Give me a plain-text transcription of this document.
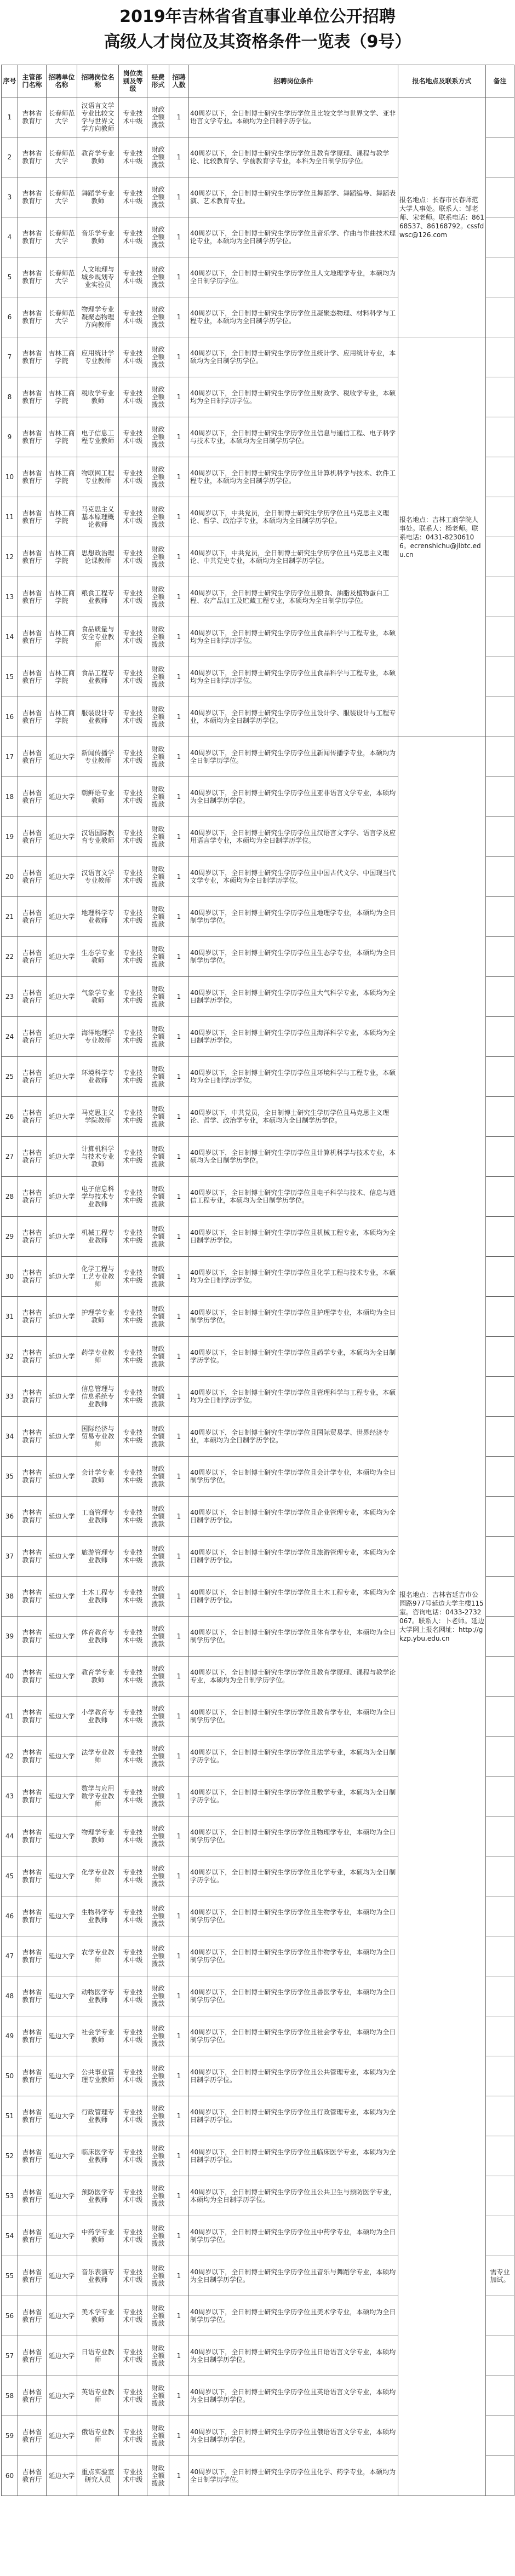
2019年吉林省省直事业单位公开招聘
高级人才岗位及其资格条件一览表（9号）
序号	主管部门名称	招聘单位名称	招聘岗位名称	岗位类别及等级	经费形式	招聘人数	招聘岗位条件	报名地点及联系方式	备注
1	吉林省教育厅	长春师范大学	汉语言文学专业比较文学与世界文学方向教师	专业技术中级	财政全额拨款	1	40周岁以下，全日制博士研究生学历学位且比较文学与世界文学、亚非语言文学专业。本硕均为全日制学历学位。	报名地点：长春市长春师范大学人事处。联系人：邹老师、宋老师。联系电话：86168537、86168792。cssfdwsc@126.com	
2	吉林省教育厅	长春师范大学	教育学专业教师	专业技术中级	财政全额拨款	1	40周岁以下，全日制博士研究生学历学位且教育学原理、课程与教学论、比较教育学、学前教育学专业，本科为全日制学历学位。		
3	吉林省教育厅	长春师范大学	舞蹈学专业教师	专业技术中级	财政全额拨款	1	40周岁以下，全日制博士研究生学历学位且舞蹈学、舞蹈编导、舞蹈表演、艺术教育专业。		
4	吉林省教育厅	长春师范大学	音乐学专业教师	专业技术中级	财政全额拨款	1	40周岁以下，全日制博士研究生学历学位且音乐学、作曲与作曲技术理论专业，本硕均为全日制学历学位。		
5	吉林省教育厅	长春师范大学	人文地理与城乡规划专业实验员	专业技术中级	财政全额拨款	1	40周岁以下，全日制博士研究生学历学位且人文地理学专业，本硕均为全日制学历学位。		
6	吉林省教育厅	长春师范大学	物理学专业凝聚态物理方向教师	专业技术中级	财政全额拨款	1	40周岁以下，全日制博士研究生学历学位且凝聚态物理、材料科学与工程专业，本硕均为全日制学历学位。		
7	吉林省教育厅	吉林工商学院	应用统计学专业教师	专业技术中级	财政全额拨款	1	40周岁以下，全日制博士研究生学历学位且统计学、应用统计专业，本硕均为全日制学历学位。	报名地点：吉林工商学院人事处。联系人：杨老师。联系电话：0431-82306106。ecrenshichu@jlbtc.edu.cn	
8	吉林省教育厅	吉林工商学院	税收学专业教师	专业技术中级	财政全额拨款	1	40周岁以下，全日制博士研究生学历学位且财政学、税收学专业，本硕均为全日制学历学位。		
9	吉林省教育厅	吉林工商学院	电子信息工程专业教师	专业技术中级	财政全额拨款	1	40周岁以下，全日制博士研究生学历学位且信息与通信工程、电子科学与技术专业，本硕均为全日制学历学位。		
10	吉林省教育厅	吉林工商学院	物联网工程专业教师	专业技术中级	财政全额拨款	1	40周岁以下，全日制博士研究生学历学位且计算机科学与技术、软件工程专业，本硕均为全日制学历学位。		
11	吉林省教育厅	吉林工商学院	马克思主义基本原理概论教师	专业技术中级	财政全额拨款	1	40周岁以下，中共党员，全日制博士研究生学历学位且马克思主义理论、哲学、政治学专业，本硕均为全日制学历学位。		
12	吉林省教育厅	吉林工商学院	思想政治理论课教师	专业技术中级	财政全额拨款	1	40周岁以下，中共党员，全日制博士研究生学历学位且马克思主义理论、中共党史专业，本硕均为全日制学历学位。		
13	吉林省教育厅	吉林工商学院	粮食工程专业教师	专业技术中级	财政全额拨款	1	40周岁以下，全日制博士研究生学历学位且粮食、油脂及植物蛋白工程、农产品加工及贮藏工程专业，本硕均为全日制学历学位。		
14	吉林省教育厅	吉林工商学院	食品质量与安全专业教师	专业技术中级	财政全额拨款	1	40周岁以下，全日制博士研究生学历学位且食品科学与工程专业，本硕均为全日制学历学位。		
15	吉林省教育厅	吉林工商学院	食品工程专业教师	专业技术中级	财政全额拨款	1	40周岁以下，全日制博士研究生学历学位且食品科学与工程专业，本硕均为全日制学历学位。		
16	吉林省教育厅	吉林工商学院	服装设计专业教师	专业技术中级	财政全额拨款	1	40周岁以下，全日制博士研究生学历学位且设计学、服装设计与工程专业，本硕均为全日制学历学位。		
17	吉林省教育厅	延边大学	新闻传播学专业教师	专业技术中级	财政全额拨款	1	40周岁以下，全日制博士研究生学历学位且新闻传播学专业，本硕均为全日制学历学位。	报名地点：吉林省延吉市公园路977号延边大学主楼115室。咨询电话：0433-2732067。联系人：卜老师。延边大学网上报名网址：http://gkzp.ybu.edu.cn	
18	吉林省教育厅	延边大学	朝鲜语专业教师	专业技术中级	财政全额拨款	1	40周岁以下，全日制博士研究生学历学位且亚非语言文学专业，本硕均为全日制学历学位。		
19	吉林省教育厅	延边大学	汉语国际教育专业教师	专业技术中级	财政全额拨款	1	40周岁以下，全日制博士研究生学历学位且汉语言文字学、语言学及应用语言学专业，本硕均为全日制学历学位。		
20	吉林省教育厅	延边大学	汉语言文学专业教师	专业技术中级	财政全额拨款	1	40周岁以下，全日制博士研究生学历学位且中国古代文学、中国现当代文学专业，本硕均为全日制学历学位。		
21	吉林省教育厅	延边大学	地理科学专业教师	专业技术中级	财政全额拨款	1	40周岁以下，全日制博士研究生学历学位且地理学专业，本硕均为全日制学历学位。		
22	吉林省教育厅	延边大学	生态学专业教师	专业技术中级	财政全额拨款	1	40周岁以下，全日制博士研究生学历学位且生态学专业，本硕均为全日制学历学位。		
23	吉林省教育厅	延边大学	气象学专业教师	专业技术中级	财政全额拨款	1	40周岁以下，全日制博士研究生学历学位且大气科学专业，本硕均为全日制学历学位。		
24	吉林省教育厅	延边大学	海洋地理学专业教师	专业技术中级	财政全额拨款	1	40周岁以下，全日制博士研究生学历学位且海洋科学专业，本硕均为全日制学历学位。		
25	吉林省教育厅	延边大学	环境科学专业教师	专业技术中级	财政全额拨款	1	40周岁以下，全日制博士研究生学历学位且环境科学与工程专业，本硕均为全日制学历学位。		
26	吉林省教育厅	延边大学	马克思主义学院教师	专业技术中级	财政全额拨款	1	40周岁以下，中共党员，全日制博士研究生学历学位且马克思主义理论、哲学、政治学专业，本硕均为全日制学历学位。		
27	吉林省教育厅	延边大学	计算机科学与技术专业教师	专业技术中级	财政全额拨款	1	40周岁以下，全日制博士研究生学历学位且计算机科学与技术专业，本硕均为全日制学历学位。		
28	吉林省教育厅	延边大学	电子信息科学与技术专业教师	专业技术中级	财政全额拨款	1	40周岁以下，全日制博士研究生学历学位且电子科学与技术、信息与通信工程专业，本硕均为全日制学历学位。		
29	吉林省教育厅	延边大学	机械工程专业教师	专业技术中级	财政全额拨款	1	40周岁以下，全日制博士研究生学历学位且机械工程专业，本硕均为全日制学历学位。		
30	吉林省教育厅	延边大学	化学工程与工艺专业教师	专业技术中级	财政全额拨款	1	40周岁以下，全日制博士研究生学历学位且化学工程与技术专业，本硕均为全日制学历学位。		
31	吉林省教育厅	延边大学	护理学专业教师	专业技术中级	财政全额拨款	1	40周岁以下，全日制博士研究生学历学位且护理学专业，本硕均为全日制学历学位。		
32	吉林省教育厅	延边大学	药学专业教师	专业技术中级	财政全额拨款	1	40周岁以下，全日制博士研究生学历学位且药学专业，本硕均为全日制学历学位。		
33	吉林省教育厅	延边大学	信息管理与信息系统专业教师	专业技术中级	财政全额拨款	1	40周岁以下，全日制博士研究生学历学位且管理科学与工程专业，本硕均为全日制学历学位。		
34	吉林省教育厅	延边大学	国际经济与贸易专业教师	专业技术中级	财政全额拨款	1	40周岁以下，全日制博士研究生学历学位且国际贸易学、世界经济专业，本硕均为全日制学历学位。		
35	吉林省教育厅	延边大学	会计学专业教师	专业技术中级	财政全额拨款	1	40周岁以下，全日制博士研究生学历学位且会计学专业，本硕均为全日制学历学位。		
36	吉林省教育厅	延边大学	工商管理专业教师	专业技术中级	财政全额拨款	1	40周岁以下，全日制博士研究生学历学位且企业管理专业，本硕均为全日制学历学位。		
37	吉林省教育厅	延边大学	旅游管理专业教师	专业技术中级	财政全额拨款	1	40周岁以下，全日制博士研究生学历学位且旅游管理专业，本硕均为全日制学历学位。		
38	吉林省教育厅	延边大学	土木工程专业教师	专业技术中级	财政全额拨款	1	40周岁以下，全日制博士研究生学历学位且土木工程专业，本硕均为全日制学历学位。		
39	吉林省教育厅	延边大学	体育教育专业教师	专业技术中级	财政全额拨款	1	40周岁以下，全日制博士研究生学历学位且体育学专业，本硕均为全日制学历学位。		
40	吉林省教育厅	延边大学	教育学专业教师	专业技术中级	财政全额拨款	1	40周岁以下，全日制博士研究生学历学位且教育学原理、课程与教学论专业，本硕均为全日制学历学位。		
41	吉林省教育厅	延边大学	小学教育专业教师	专业技术中级	财政全额拨款	1	40周岁以下，全日制博士研究生学历学位且教育学专业，本硕均为全日制学历学位。		
42	吉林省教育厅	延边大学	法学专业教师	专业技术中级	财政全额拨款	1	40周岁以下，全日制博士研究生学历学位且法学专业，本硕均为全日制学历学位。		
43	吉林省教育厅	延边大学	数学与应用数学专业教师	专业技术中级	财政全额拨款	1	40周岁以下，全日制博士研究生学历学位且数学专业，本硕均为全日制学历学位。		
44	吉林省教育厅	延边大学	物理学专业教师	专业技术中级	财政全额拨款	1	40周岁以下，全日制博士研究生学历学位且物理学专业，本硕均为全日制学历学位。		
45	吉林省教育厅	延边大学	化学专业教师	专业技术中级	财政全额拨款	1	40周岁以下，全日制博士研究生学历学位且化学专业，本硕均为全日制学历学位。		
46	吉林省教育厅	延边大学	生物科学专业教师	专业技术中级	财政全额拨款	1	40周岁以下，全日制博士研究生学历学位且生物学专业，本硕均为全日制学历学位。		
47	吉林省教育厅	延边大学	农学专业教师	专业技术中级	财政全额拨款	1	40周岁以下，全日制博士研究生学历学位且作物学专业，本硕均为全日制学历学位。		
48	吉林省教育厅	延边大学	动物医学专业教师	专业技术中级	财政全额拨款	1	40周岁以下，全日制博士研究生学历学位且兽医学专业，本硕均为全日制学历学位。		
49	吉林省教育厅	延边大学	社会学专业教师	专业技术中级	财政全额拨款	1	40周岁以下，全日制博士研究生学历学位且社会学专业，本硕均为全日制学历学位。		
50	吉林省教育厅	延边大学	公共事业管理专业教师	专业技术中级	财政全额拨款	1	40周岁以下，全日制博士研究生学历学位且公共管理专业，本硕均为全日制学历学位。		
51	吉林省教育厅	延边大学	行政管理专业教师	专业技术中级	财政全额拨款	1	40周岁以下，全日制博士研究生学历学位且行政管理专业，本硕均为全日制学历学位。		
52	吉林省教育厅	延边大学	临床医学专业教师	专业技术中级	财政全额拨款	1	40周岁以下，全日制博士研究生学历学位且临床医学专业，本硕均为全日制学历学位。		
53	吉林省教育厅	延边大学	预防医学专业教师	专业技术中级	财政全额拨款	1	40周岁以下，全日制博士研究生学历学位且公共卫生与预防医学专业，本硕均为全日制学历学位。		
54	吉林省教育厅	延边大学	中药学专业教师	专业技术中级	财政全额拨款	1	40周岁以下，全日制博士研究生学历学位且中药学专业，本硕均为全日制学历学位。		
55	吉林省教育厅	延边大学	音乐表演专业教师	专业技术中级	财政全额拨款	1	40周岁以下，全日制博士研究生学历学位且音乐与舞蹈学专业，本硕均为全日制学历学位。		需专业加试。
56	吉林省教育厅	延边大学	美术学专业教师	专业技术中级	财政全额拨款	1	40周岁以下，全日制博士研究生学历学位且美术学专业，本硕均为全日制学历学位。		
57	吉林省教育厅	延边大学	日语专业教师	专业技术中级	财政全额拨款	1	40周岁以下，全日制博士研究生学历学位且日语语言文学专业，本硕均为全日制学历学位。		
58	吉林省教育厅	延边大学	英语专业教师	专业技术中级	财政全额拨款	1	40周岁以下，全日制博士研究生学历学位且英语语言文学专业，本硕均为全日制学历学位。		
59	吉林省教育厅	延边大学	俄语专业教师	专业技术中级	财政全额拨款	1	40周岁以下，全日制博士研究生学历学位且俄语语言文学专业，本硕均为全日制学历学位。		
60	吉林省教育厅	延边大学	重点实验室研究人员	专业技术中级	财政全额拨款	1	40周岁以下，全日制博士研究生学历学位且化学、药学专业，本硕均为全日制学历学位。		
